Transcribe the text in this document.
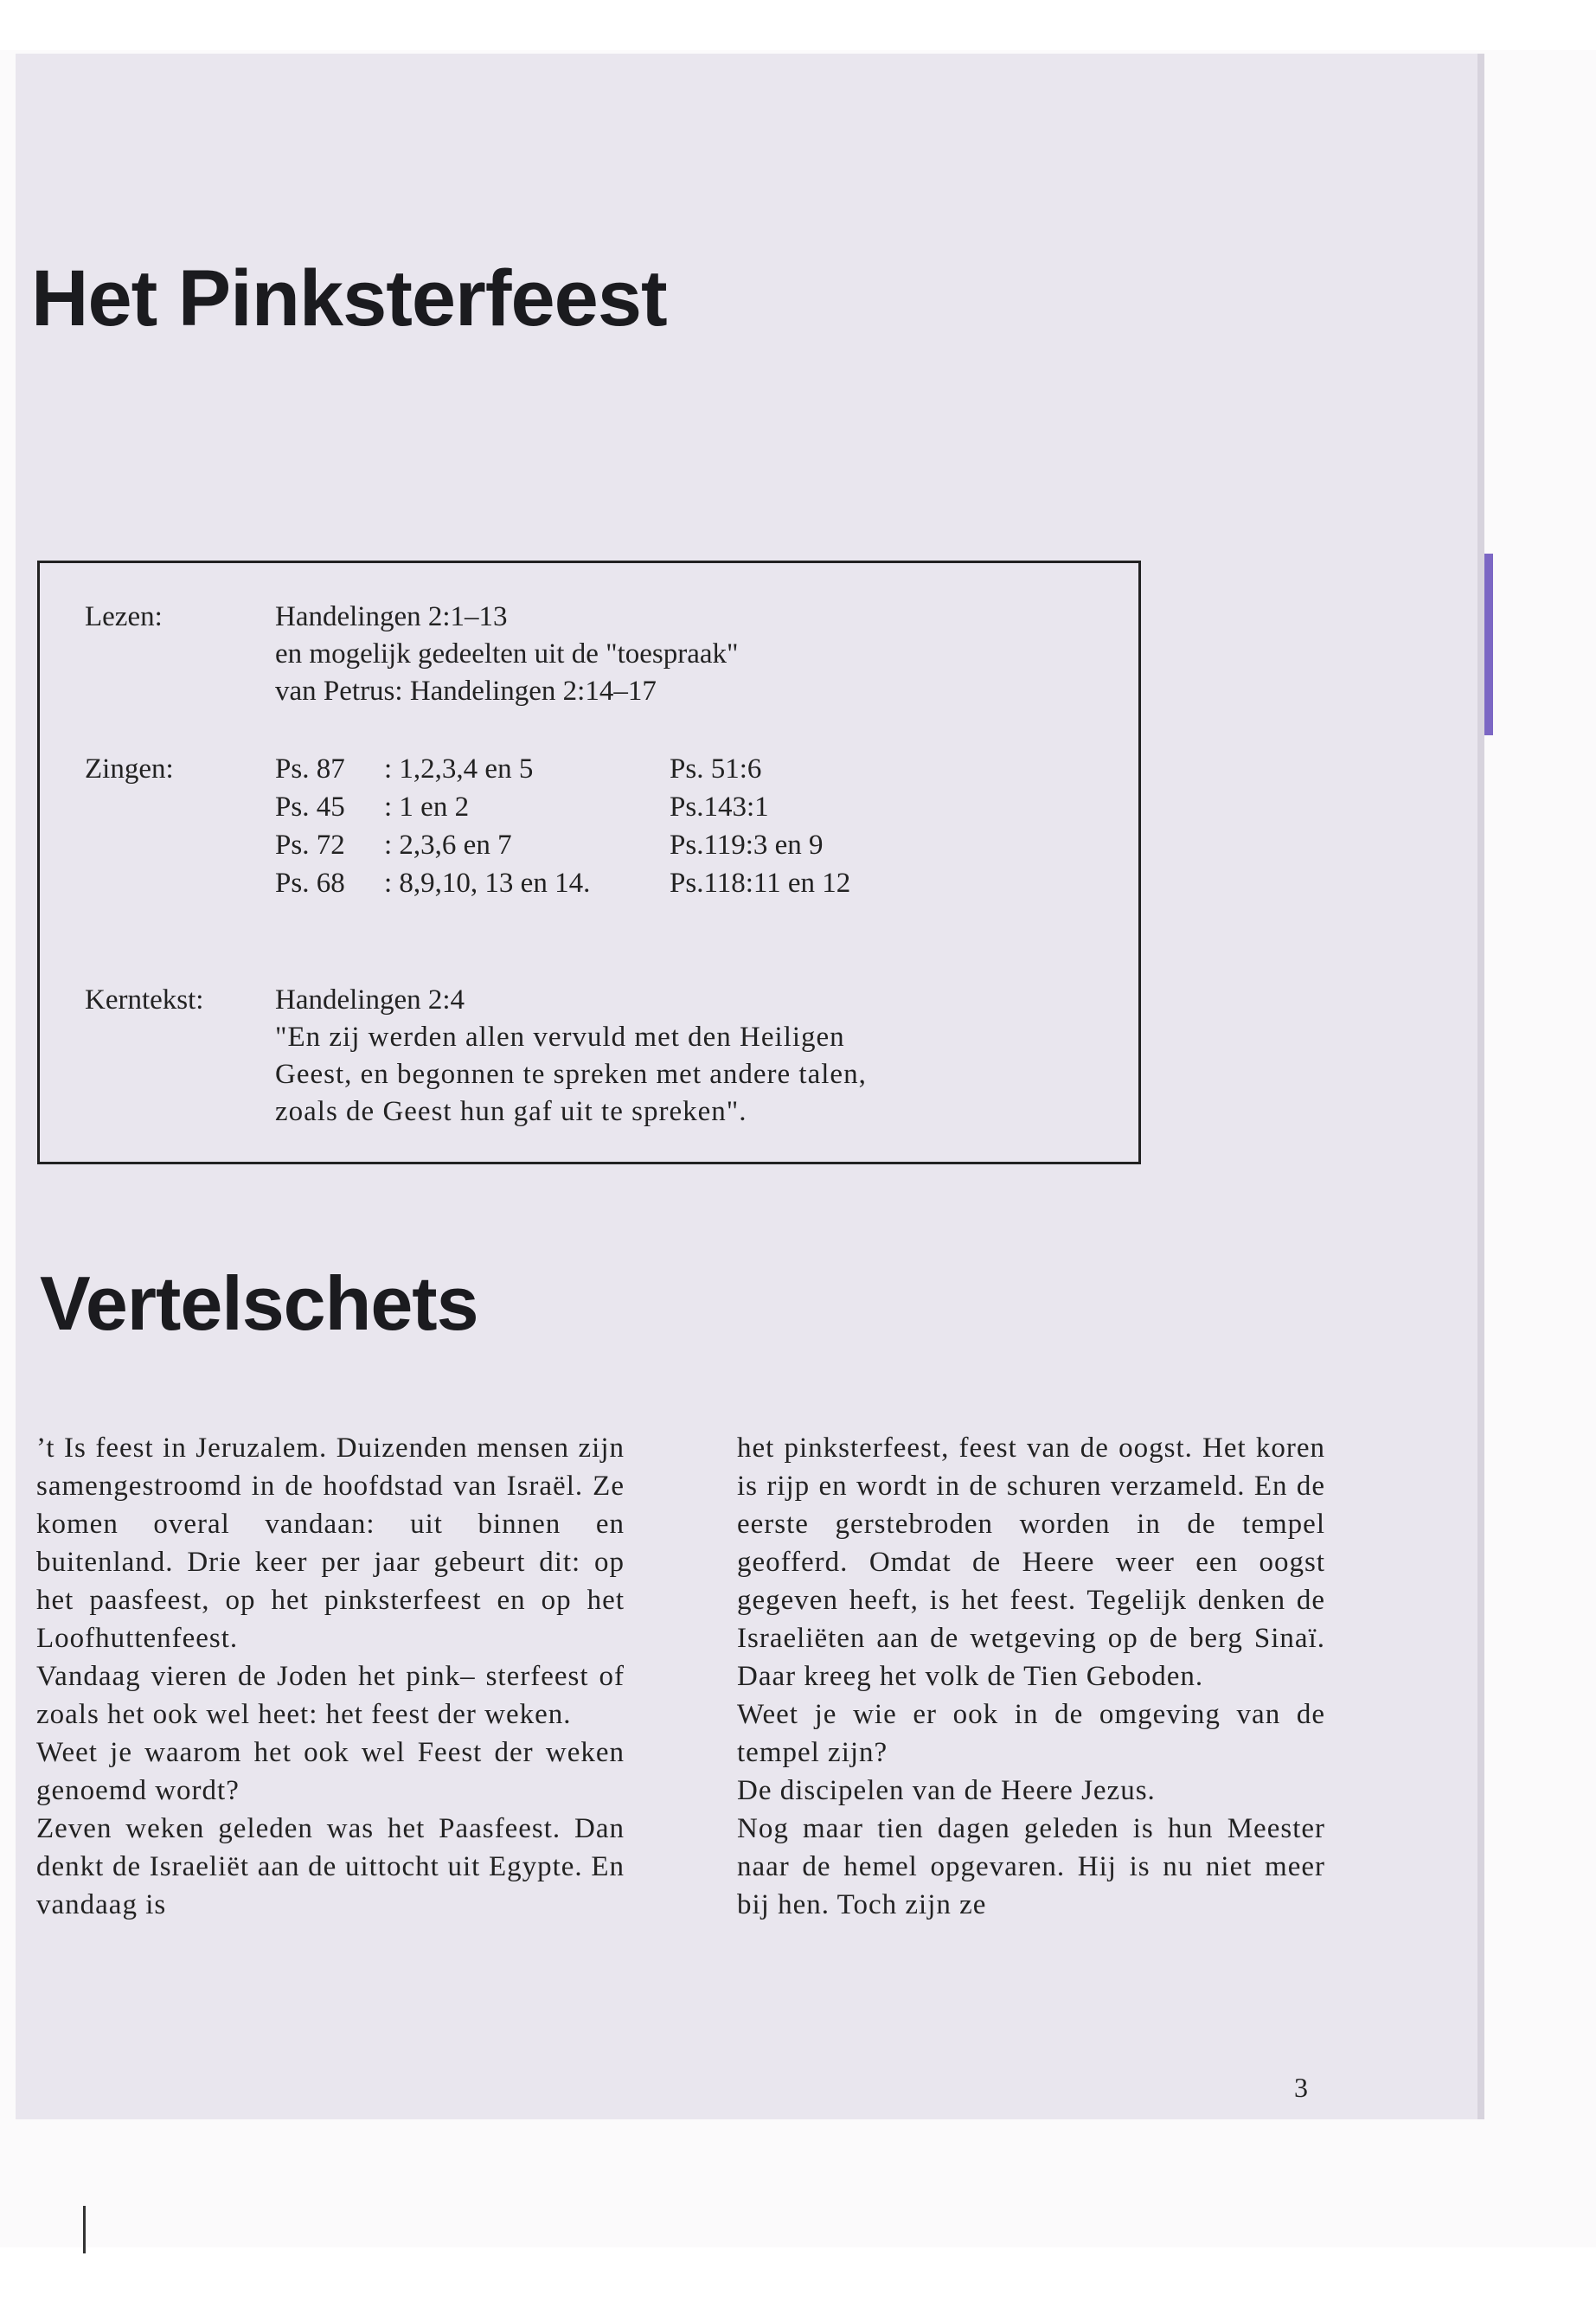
Het Pinksterfeest
Lezen:	Handelingen 2:1–13
en mogelijk gedeelten uit de "toespraak"
van Petrus: Handelingen 2:14–17
Zingen:	Ps. 87	: 1,2,3,4 en 5	Ps. 51:6
Ps. 45	: 1 en 2	Ps.143:1
Ps. 72	: 2,3,6 en 7	Ps.119:3 en 9
Ps. 68	: 8,9,10, 13 en 14.	Ps.118:11 en 12
Kerntekst:	Handelingen 2:4
"En zij werden allen vervuld met den Heiligen
Geest, en begonnen te spreken met andere talen,
zoals de Geest hun gaf uit te spreken".
Vertelschets

’t Is feest in Jeruzalem. Duizenden mensen zijn samengestroomd in de hoofdstad van Israël. Ze komen overal vandaan: uit binnen en buitenland. Drie keer per jaar gebeurt dit: op het paasfeest, op het pinksterfeest en op het Loofhuttenfeest.

Vandaag vieren de Joden het pink– sterfeest of zoals het ook wel heet: het feest der weken.

Weet je waarom het ook wel Feest der weken genoemd wordt?

Zeven weken geleden was het Paasfeest. Dan denkt de Israeliët aan de uittocht uit Egypte. En vandaag is

het pinksterfeest, feest van de oogst. Het koren is rijp en wordt in de schuren verzameld. En de eerste gerstebroden worden in de tempel geofferd. Omdat de Heere weer een oogst gegeven heeft, is het feest. Tegelijk denken de Israeliëten aan de wetgeving op de berg Sinaï. Daar kreeg het volk de Tien Geboden.

Weet je wie er ook in de omgeving van de tempel zijn?

De discipelen van de Heere Jezus.

Nog maar tien dagen geleden is hun Meester naar de hemel opgevaren. Hij is nu niet meer bij hen. Toch zijn ze

3
